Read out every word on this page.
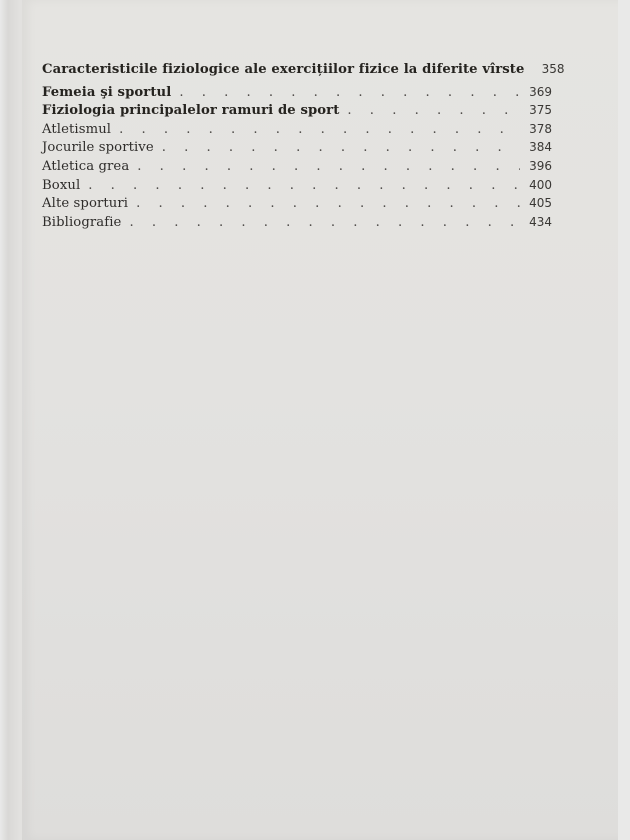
Caracteristicile fiziologice ale exercițiilor fizice la diferite vîrste 358
Femeia şi sportul . . .	369
Fiziologia principalelor ramuri de sport . . .	375
Atletismul . . .	378
Jocurile sportive . . .	384
Atletica grea . . .	396
Boxul . . .	400
Alte sporturi . . .	405
Bibliografie . . .	434
